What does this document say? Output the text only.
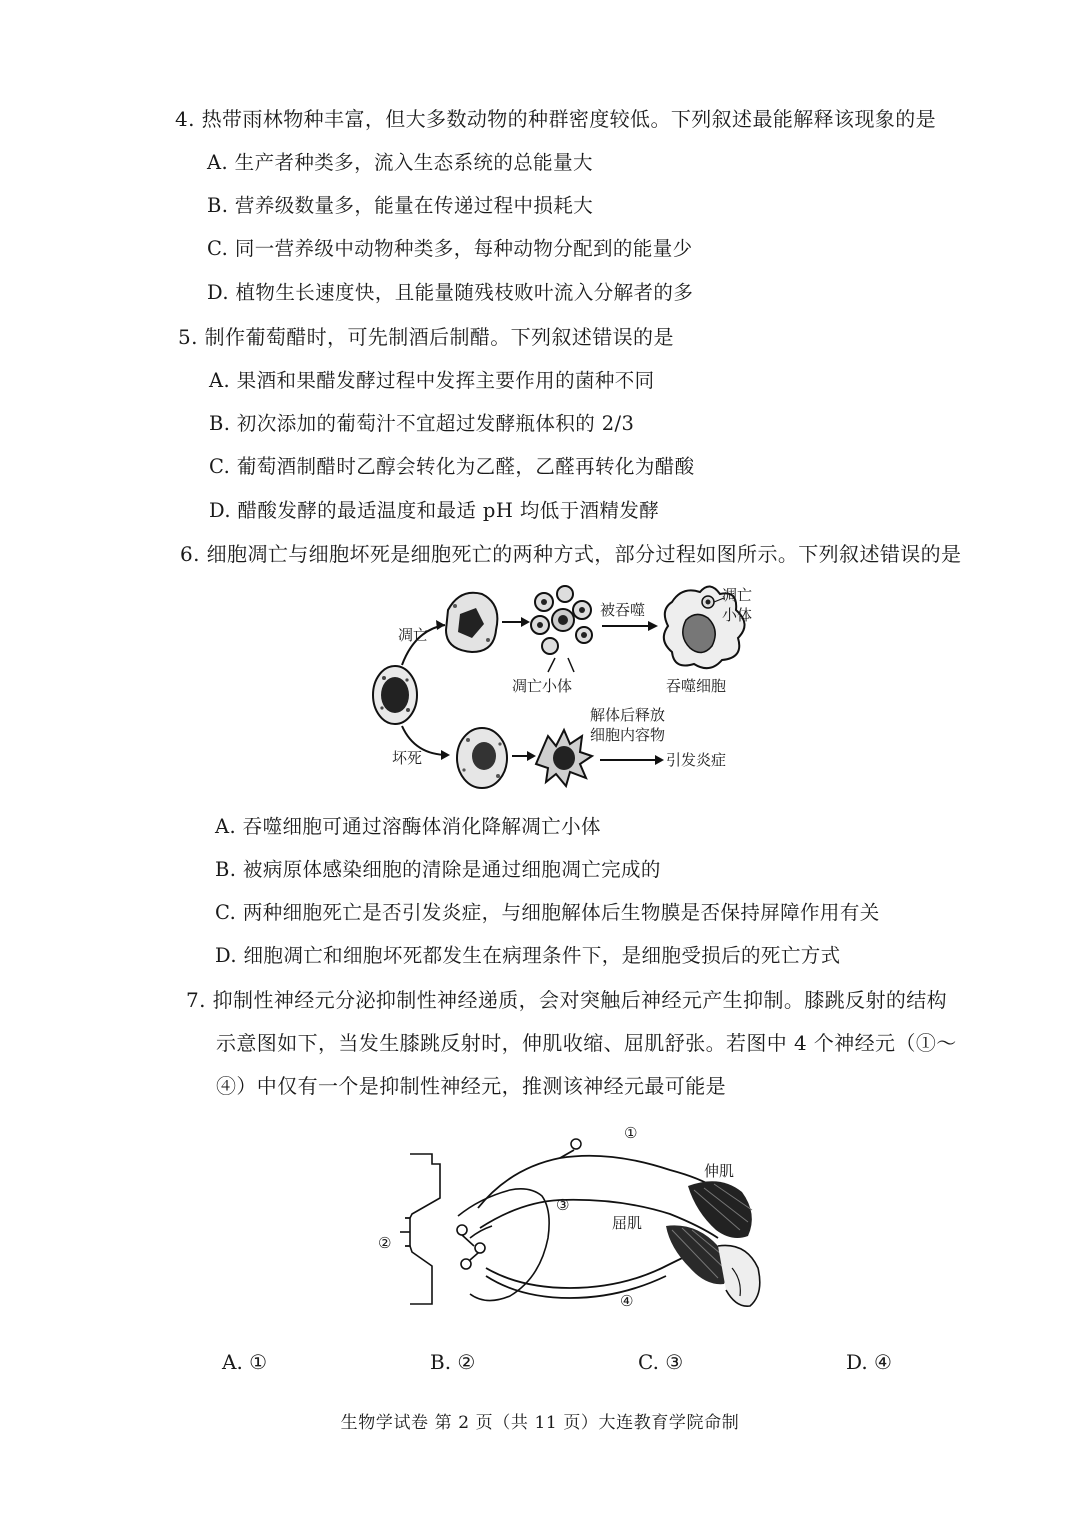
4. 热带雨林物种丰富，但大多数动物的种群密度较低。下列叙述最能解释该现象的是
A. 生产者种类多，流入生态系统的总能量大
B. 营养级数量多，能量在传递过程中损耗大
C. 同一营养级中动物种类多，每种动物分配到的能量少
D. 植物生长速度快，且能量随残枝败叶流入分解者的多
5. 制作葡萄醋时，可先制酒后制醋。下列叙述错误的是
A. 果酒和果醋发酵过程中发挥主要作用的菌种不同
B. 初次添加的葡萄汁不宜超过发酵瓶体积的 2/3
C. 葡萄酒制醋时乙醇会转化为乙醛，乙醛再转化为醋酸
D. 醋酸发酵的最适温度和最适 pH 均低于酒精发酵
6. 细胞凋亡与细胞坏死是细胞死亡的两种方式，部分过程如图所示。下列叙述错误的是
凋亡
坏死
凋亡小体
被吞噬
凋亡
小体
吞噬细胞
解体后释放
细胞内容物
引发炎症
A. 吞噬细胞可通过溶酶体消化降解凋亡小体
B. 被病原体感染细胞的清除是通过细胞凋亡完成的
C. 两种细胞死亡是否引发炎症，与细胞解体后生物膜是否保持屏障作用有关
D. 细胞凋亡和细胞坏死都发生在病理条件下，是细胞受损后的死亡方式
7. 抑制性神经元分泌抑制性神经递质，会对突触后神经元产生抑制。膝跳反射的结构
示意图如下，当发生膝跳反射时，伸肌收缩、屈肌舒张。若图中 4 个神经元（①～
④）中仅有一个是抑制性神经元，推测该神经元最可能是
①
②
③
④
伸肌
屈肌
A. ①	B. ②	C. ③	D. ④
生物学试卷 第 2 页（共 11 页）大连教育学院命制
